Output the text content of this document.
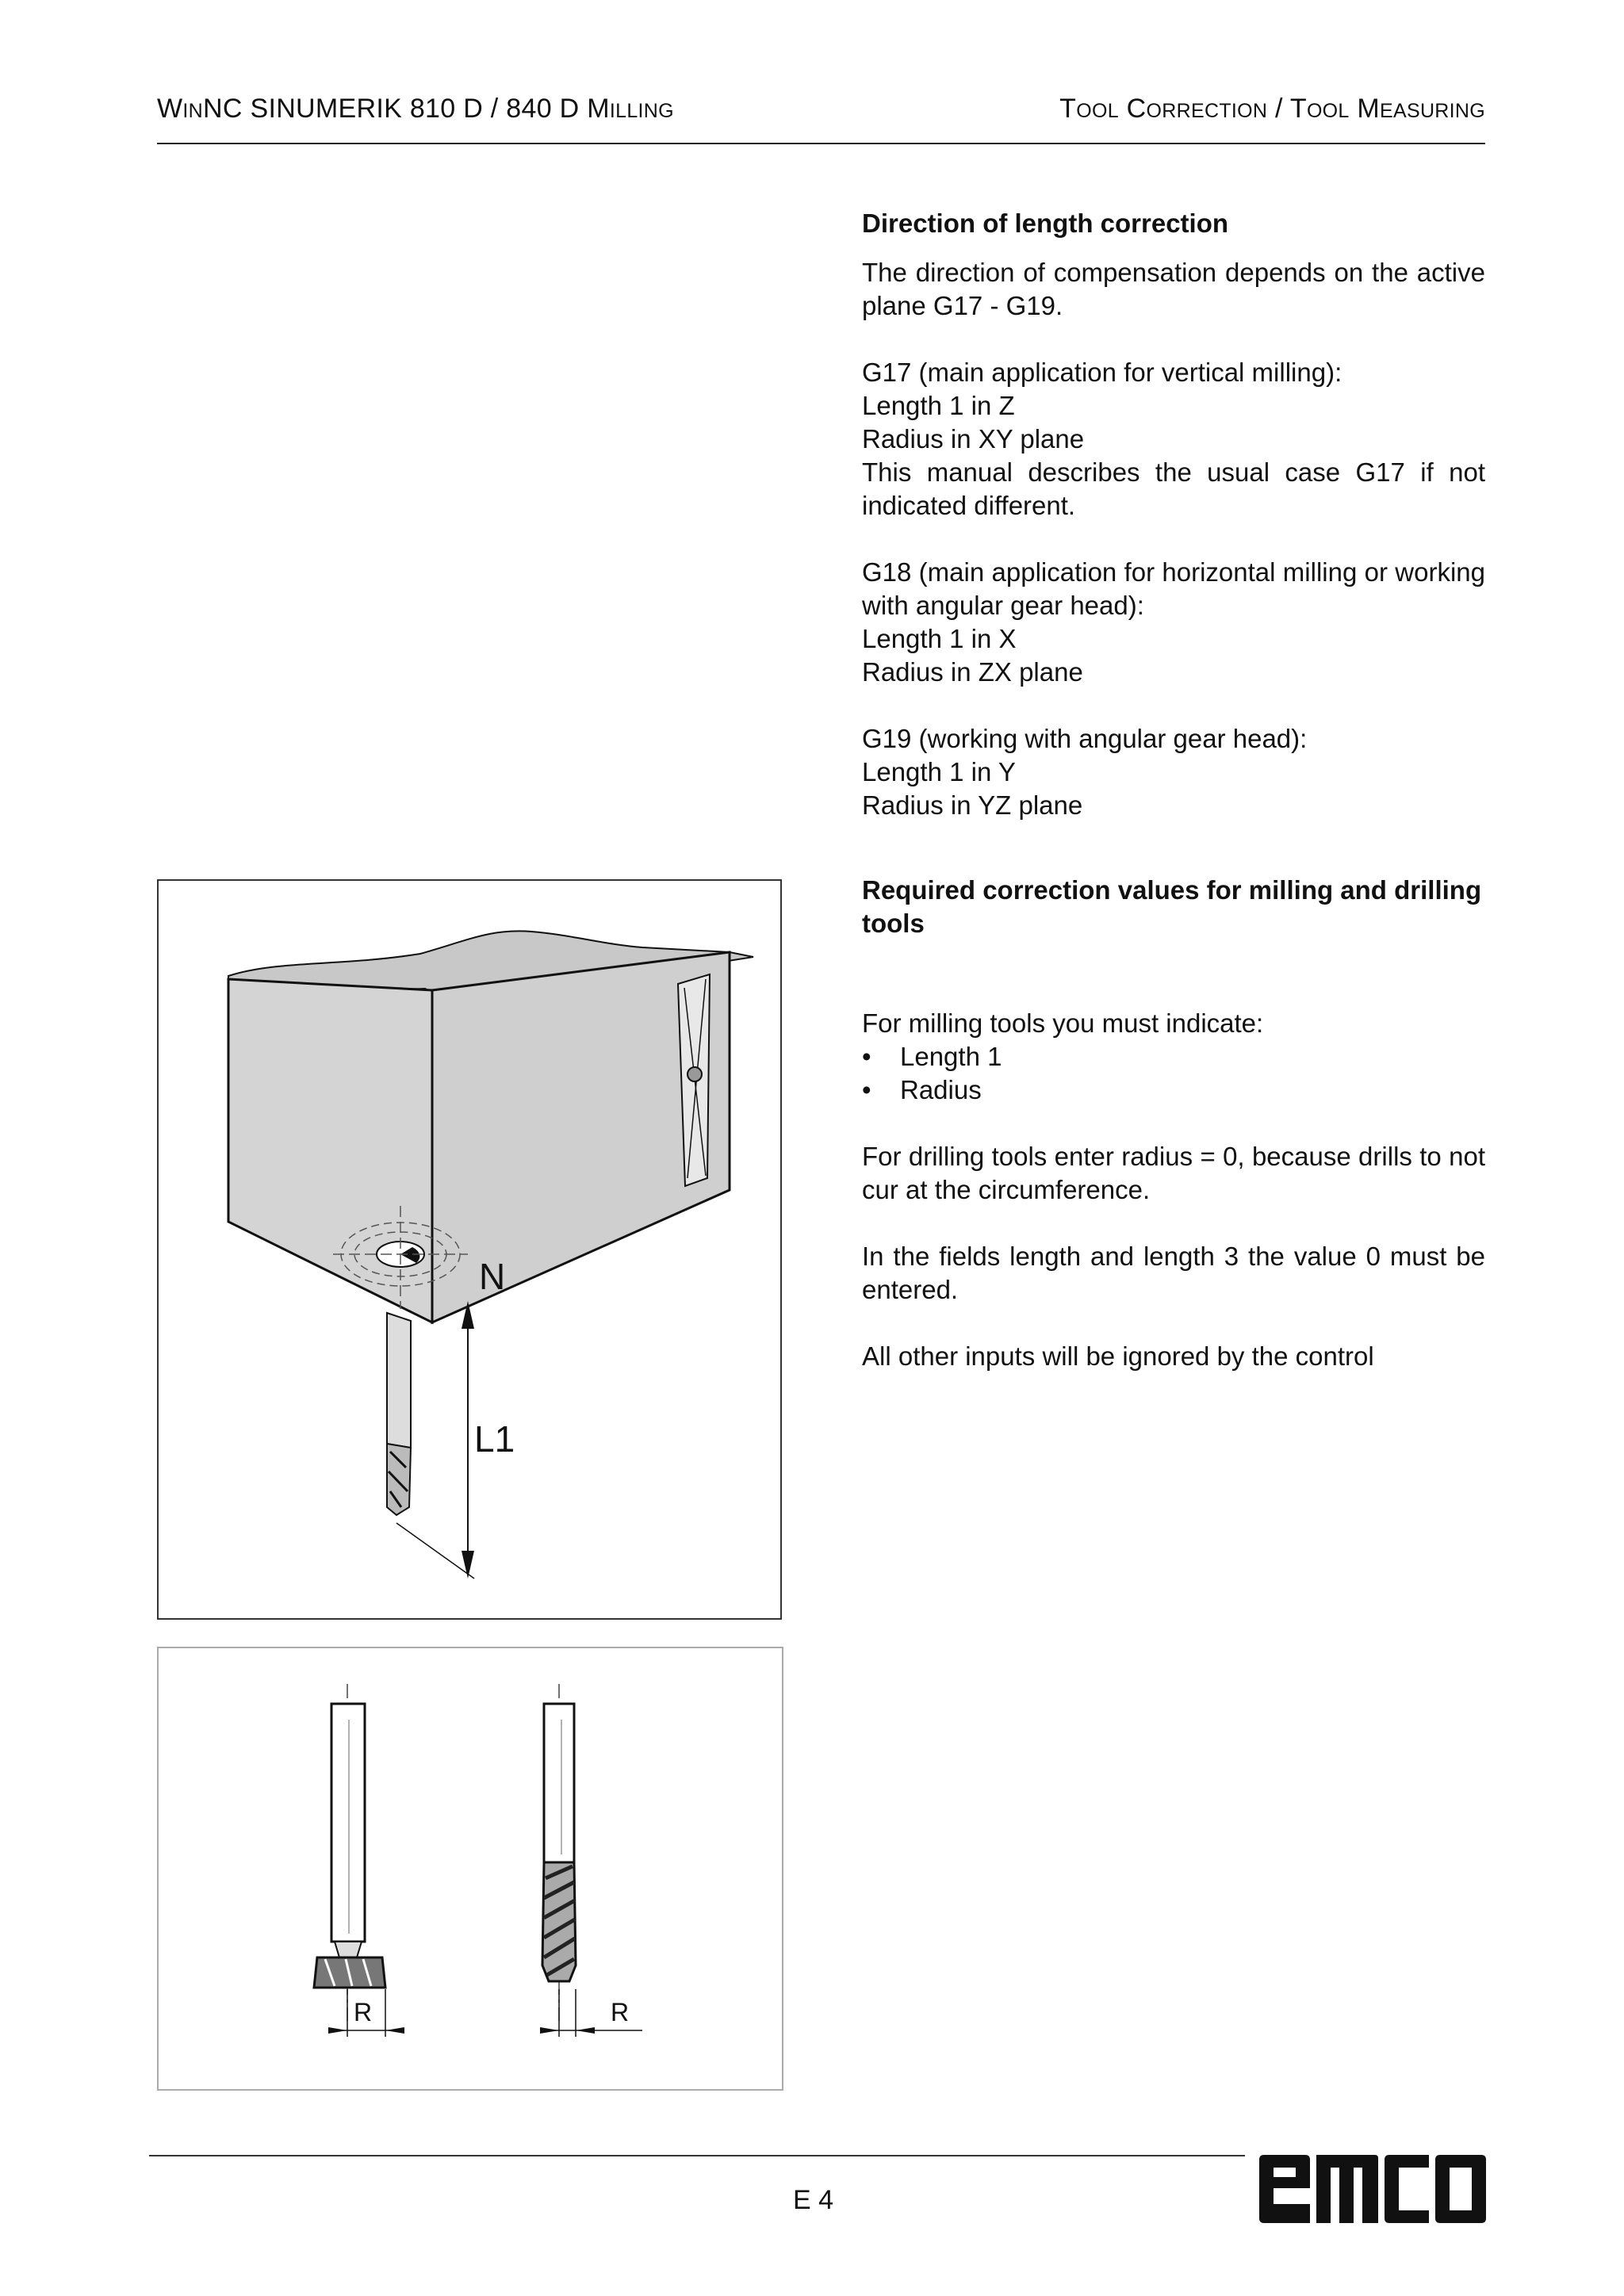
WINNC SINUMERIK 810 D / 840 D MILLING	TOOL CORRECTION / TOOL MEASURING

Direction of length correction

The direction of compensation depends on the active plane G17 - G19.

G17 (main application for vertical milling):

Length 1 in Z

Radius in XY plane

This manual describes the usual case G17 if not indicated different.

G18 (main application for horizontal milling or working with angular gear head):

Length 1 in X

Radius in ZX plane

G19 (working with angular gear head):

Length 1 in Y

Radius in YZ plane

Required correction values for milling and drilling tools

For milling tools you must indicate:

•	Length 1
•	Radius

For drilling tools enter radius = 0, because drills to not cur at the circumference.

In the fields length and length 3 the value 0 must be entered.

All other inputs will be ignored by the control

N
L1
R	R
E 4
